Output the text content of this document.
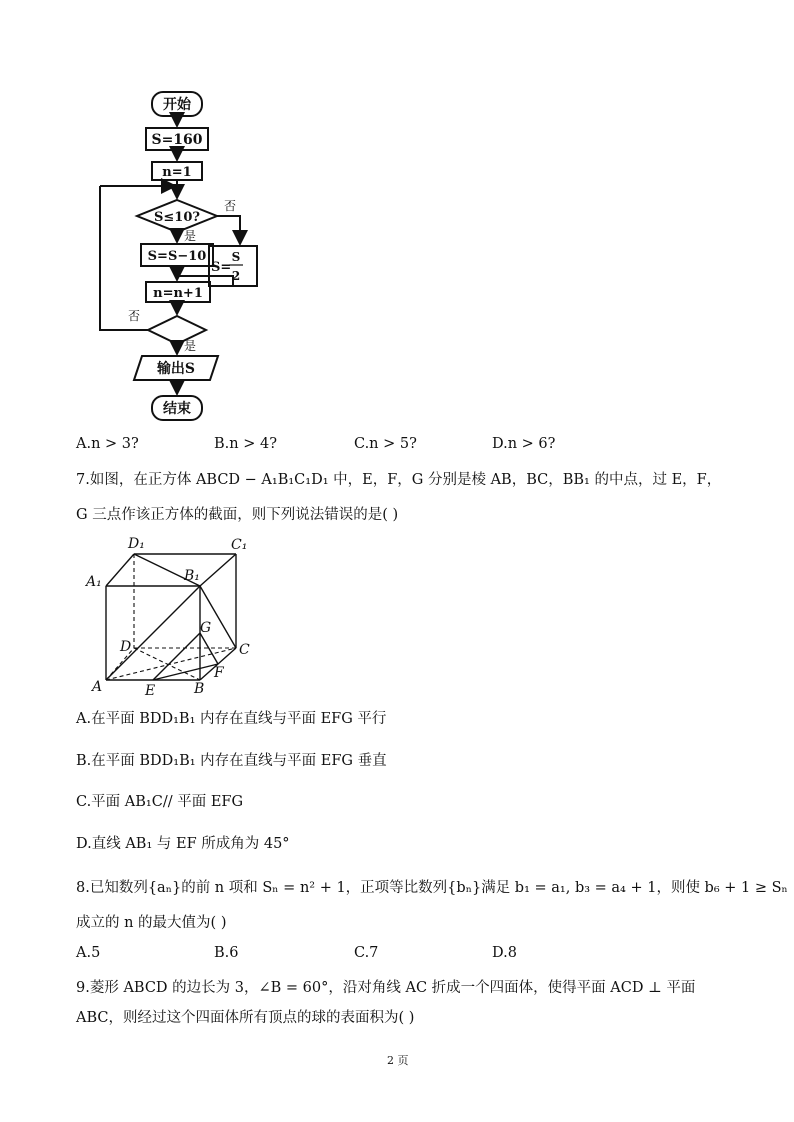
开始
S=160
n=1
S≤10?
否
是
S=S−10
S=
S
2
n=n+1
否
是
输出S
结束
A.n > 3?	B.n > 4?	C.n > 5?	D.n > 6?
7.如图，在正方体 ABCD − A₁B₁C₁D₁ 中，E，F，G 分别是棱 AB，BC，BB₁ 的中点，过 E，F，
G 三点作该正方体的截面，则下列说法错误的是( )
D₁	C₁
A₁	B₁
G
D	C
F
A	E	B
A.在平面 BDD₁B₁ 内存在直线与平面 EFG 平行
B.在平面 BDD₁B₁ 内存在直线与平面 EFG 垂直
C.平面 AB₁C// 平面 EFG
D.直线 AB₁ 与 EF 所成角为 45°
8.已知数列{aₙ}的前 n 项和 Sₙ = n² + 1，正项等比数列{bₙ}满足 b₁ = a₁, b₃ = a₄ + 1，则使 b₆ + 1 ≥ Sₙ
成立的 n 的最大值为( )
A.5	B.6	C.7	D.8
9.菱形 ABCD 的边长为 3，∠B = 60°，沿对角线 AC 折成一个四面体，使得平面 ACD ⊥ 平面
ABC，则经过这个四面体所有顶点的球的表面积为( )
2 页
